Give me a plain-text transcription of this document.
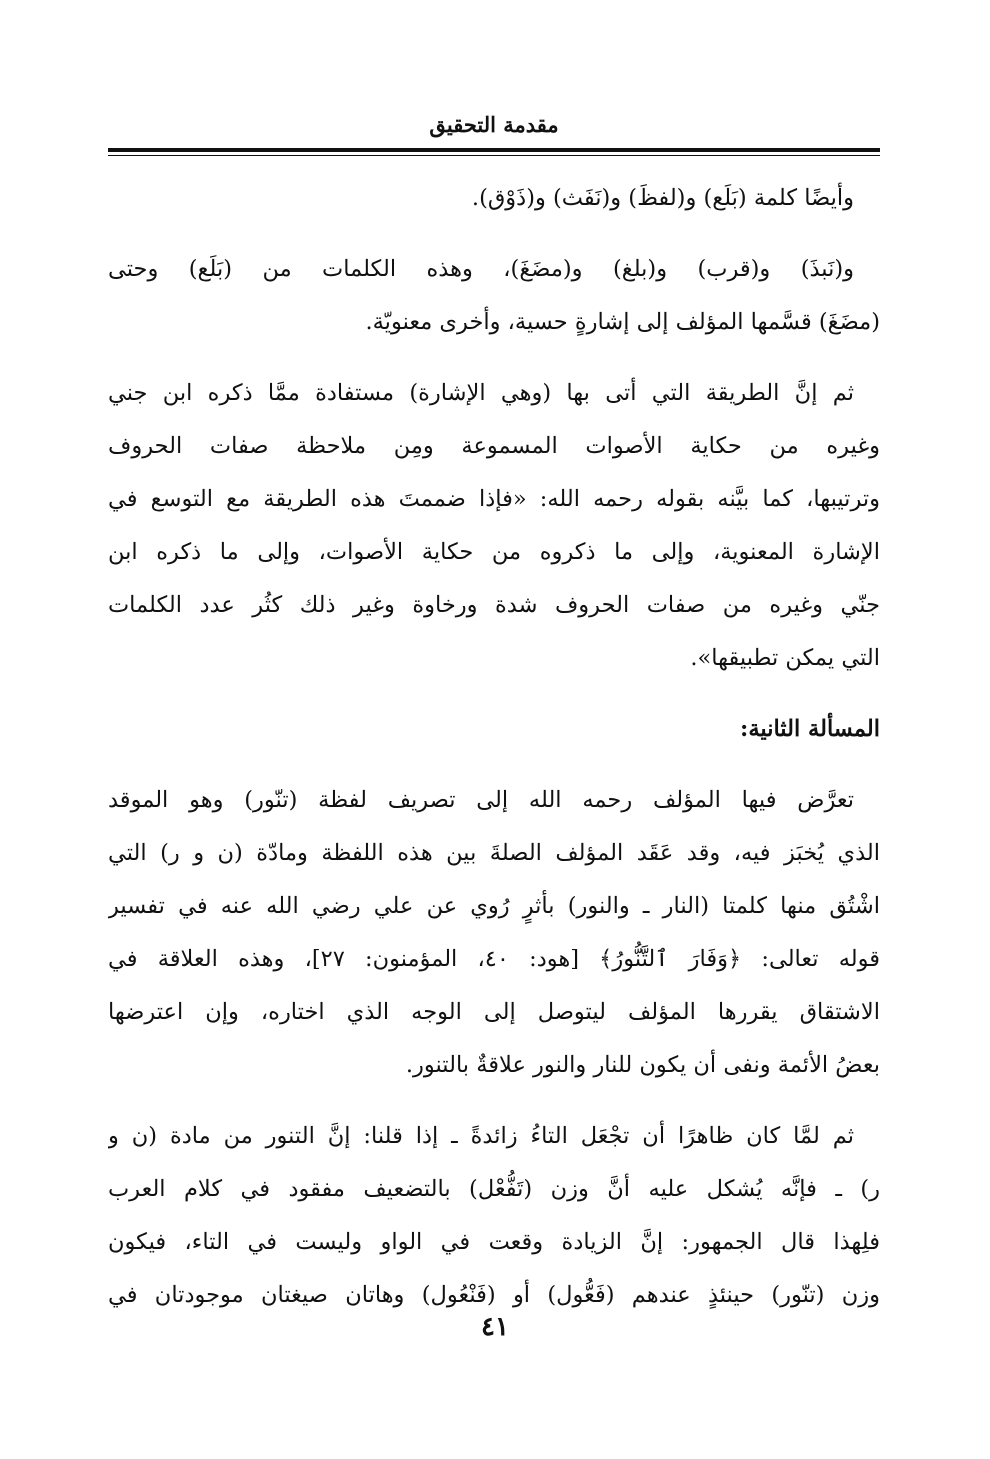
مقدمة التحقيق
وأيضًا كلمة (بَلَع) و(لفظَ) و(نَفَث) و(ذَوْق).
و(نَبذَ) و(قرب) و(بلغ) و(مضَغَ)، وهذه الكلمات من (بَلَع) وحتى
(مضَغَ) قسَّمها المؤلف إلى إشارةٍ حسية، وأخرى معنويّة.
ثم إنَّ الطريقة التي أتى بها (وهي الإشارة) مستفادة ممَّا ذكره ابن جني
وغيره من حكاية الأصوات المسموعة ومِن ملاحظة صفات الحروف
وترتيبها، كما بيَّنه بقوله رحمه الله: «فإذا ضممتَ هذه الطريقة مع التوسع في
الإشارة المعنوية، وإلى ما ذكروه من حكاية الأصوات، وإلى ما ذكره ابن
جنّي وغيره من صفات الحروف شدة ورخاوة وغير ذلك كثُر عدد الكلمات
التي يمكن تطبيقها».
المسألة الثانية:
تعرَّض فيها المؤلف رحمه الله إلى تصريف لفظة (تنّور) وهو الموقد
الذي يُخبَز فيه، وقد عَقَد المؤلف الصلةَ بين هذه اللفظة ومادّة (ن و ر) التي
اشْتُق منها كلمتا (النار ـ والنور) بأثرٍ رُوي عن علي رضي الله عنه في تفسير
قوله تعالى: ﴿وَفَارَ ٱلتَّنُّورُ﴾ [هود: ٤٠، المؤمنون: ٢٧]، وهذه العلاقة في
الاشتقاق يقررها المؤلف ليتوصل إلى الوجه الذي اختاره، وإن اعترضها
بعضُ الأئمة ونفى أن يكون للنار والنور علاقةٌ بالتنور.
ثم لمَّا كان ظاهرًا أن تجْعَل التاءُ زائدةً ـ إذا قلنا: إنَّ التنور من مادة (ن و
ر) ـ فإنَّه يُشكل عليه أنَّ وزن (تَفُّعْل) بالتضعيف مفقود في كلام العرب
فلِهذا قال الجمهور: إنَّ الزيادة وقعت في الواو وليست في التاء، فيكون
وزن (تنّور) حينئذٍ عندهم (فَعُّول) أو (فَنْعُول) وهاتان صيغتان موجودتان في
٤١
